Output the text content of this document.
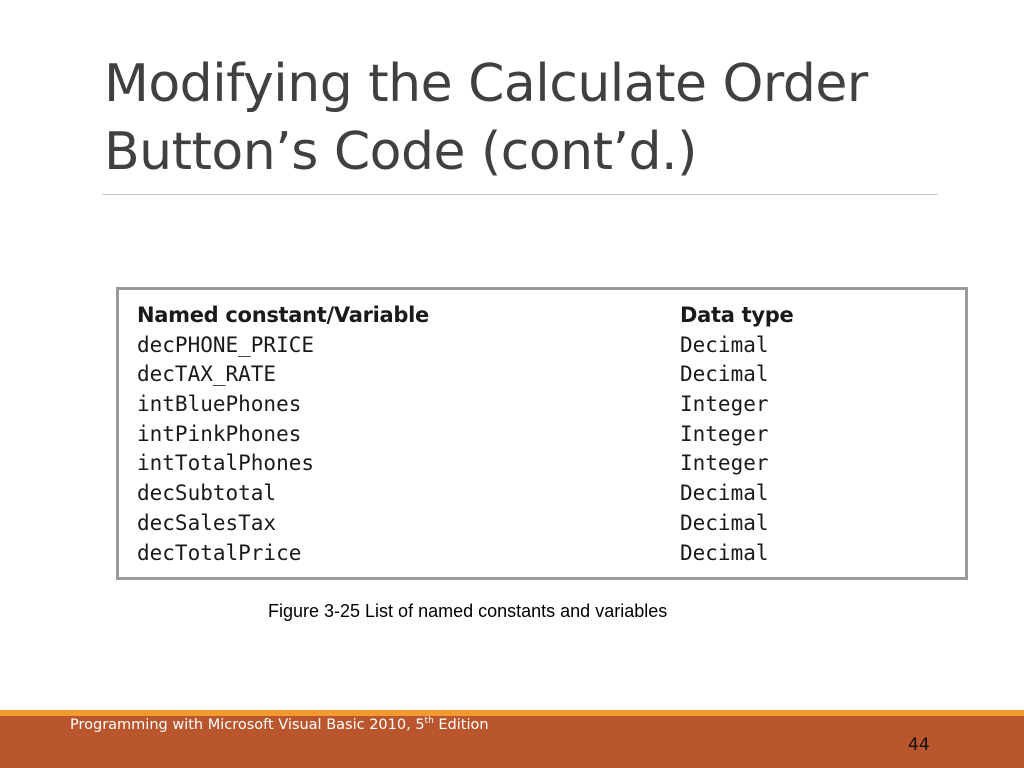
Modifying the Calculate Order
Button’s Code (cont’d.)
Named constant/Variable	Data type
decPHONE_PRICE	Decimal
decTAX_RATE	Decimal
intBluePhones	Integer
intPinkPhones	Integer
intTotalPhones	Integer
decSubtotal	Decimal
decSalesTax	Decimal
decTotalPrice	Decimal
Figure 3-25 List of named constants and variables
Programming with Microsoft Visual Basic 2010, 5th Edition
44
